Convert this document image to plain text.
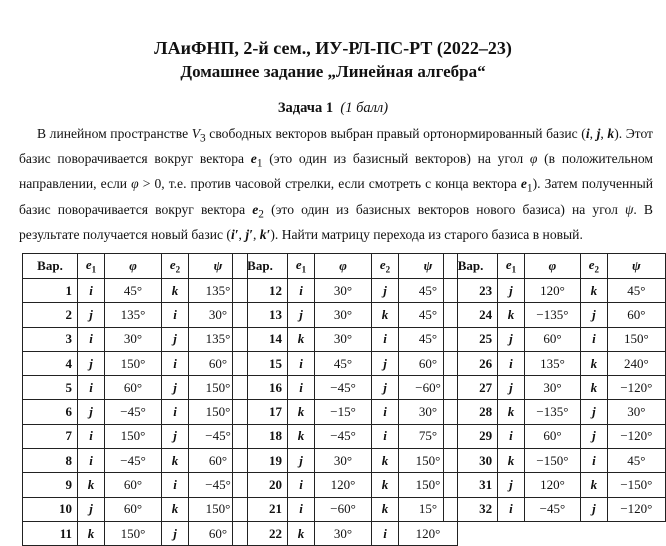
ЛАиФНП, 2-й сем., ИУ-РЛ-ПС-РТ (2022–23)
Домашнее задание „Линейная алгебра“
Задача 1 (1 балл)
В линейном пространстве $V_3$ свободных векторов выбран правый ортонормированный базис (i, j, k). Этот базис поворачивается вокруг вектора $e_1$ (это один из базисный векторов) на угол φ (в положительном направлении, если φ > 0, т.е. против часовой стрелки, если смотреть с конца вектора $e_1$). Затем полученный базис поворачивается вокруг вектора $e_2$ (это один из базисных векторов нового базиса) на угол ψ. В результате получается новый базис (i′, j′, k′). Найти матрицу перехода из старого базиса в новый.
Вар.	$e_1$	φ	$e_2$	ψ
1	i	45°	k	135°
2	j	135°	i	30°
3	i	30°	j	135°
4	j	150°	i	60°
5	i	60°	j	150°
6	j	−45°	i	150°
7	i	150°	j	−45°
8	i	−45°	k	60°
9	k	60°	i	−45°
10	j	60°	k	150°
11	k	150°	j	60°
Вар.	$e_1$	φ	$e_2$	ψ
12	i	30°	j	45°
13	j	30°	k	45°
14	k	30°	i	45°
15	i	45°	j	60°
16	i	−45°	j	−60°
17	k	−15°	i	30°
18	k	−45°	i	75°
19	j	30°	k	150°
20	i	120°	k	150°
21	i	−60°	k	15°
22	k	30°	i	120°
Вар.	$e_1$	φ	$e_2$	ψ
23	j	120°	k	45°
24	k	−135°	j	60°
25	j	60°	i	150°
26	i	135°	k	240°
27	j	30°	k	−120°
28	k	−135°	j	30°
29	i	60°	j	−120°
30	k	−150°	i	45°
31	j	120°	k	−150°
32	i	−45°	j	−120°
